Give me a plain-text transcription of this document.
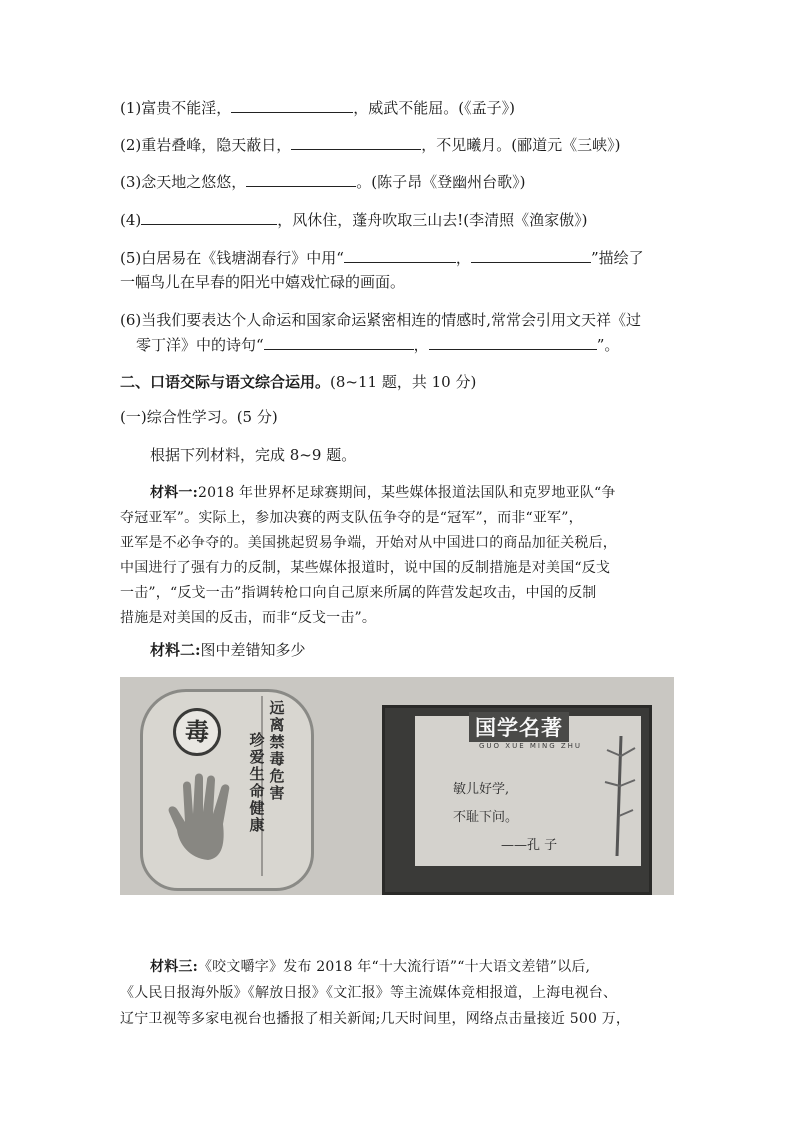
(1)富贵不能淫，	，威武不能屈。(《孟子》)
(2)重岩叠峰，隐天蔽日，	，不见曦月。(郦道元《三峡》)
(3)念天地之悠悠，	。(陈子昂《登幽州台歌》)
(4)	，风休住，蓬舟吹取三山去!(李清照《渔家傲》)
(5)白居易在《钱塘湖春行》中用“	，	”描绘了
一幅鸟儿在早春的阳光中嬉戏忙碌的画面。
(6)当我们要表达个人命运和国家命运紧密相连的情感时,常常会引用文天祥《过
零丁洋》中的诗句“	，	”。
二、口语交际与语文综合运用。(8~11 题，共 10 分)
(一)综合性学习。(5 分)
根据下列材料，完成 8~9 题。
材料一:2018 年世界杯足球赛期间，某些媒体报道法国队和克罗地亚队“争
夺冠亚军”。实际上，参加决赛的两支队伍争夺的是“冠军”，而非“亚军”，
亚军是不必争夺的。美国挑起贸易争端，开始对从中国进口的商品加征关税后，
中国进行了强有力的反制，某些媒体报道时，说中国的反制措施是对美国“反戈
一击”，“反戈一击”指调转枪口向自己原来所属的阵营发起攻击，中国的反制
措施是对美国的反击，而非“反戈一击”。
材料二:图中差错知多少
毒
远
离
禁
毒
危
害
珍
爱
生
命
健
康
敏儿好学,
不耻下问。
——孔 子
国学名著
GUO XUE MING ZHU
材料三:《咬文嚼字》发布 2018 年“十大流行语”“十大语文差错”以后,
《人民日报海外版》《解放日报》《文汇报》等主流媒体竞相报道，上海电视台、
辽宁卫视等多家电视台也播报了相关新闻;几天时间里，网络点击量接近 500 万，
